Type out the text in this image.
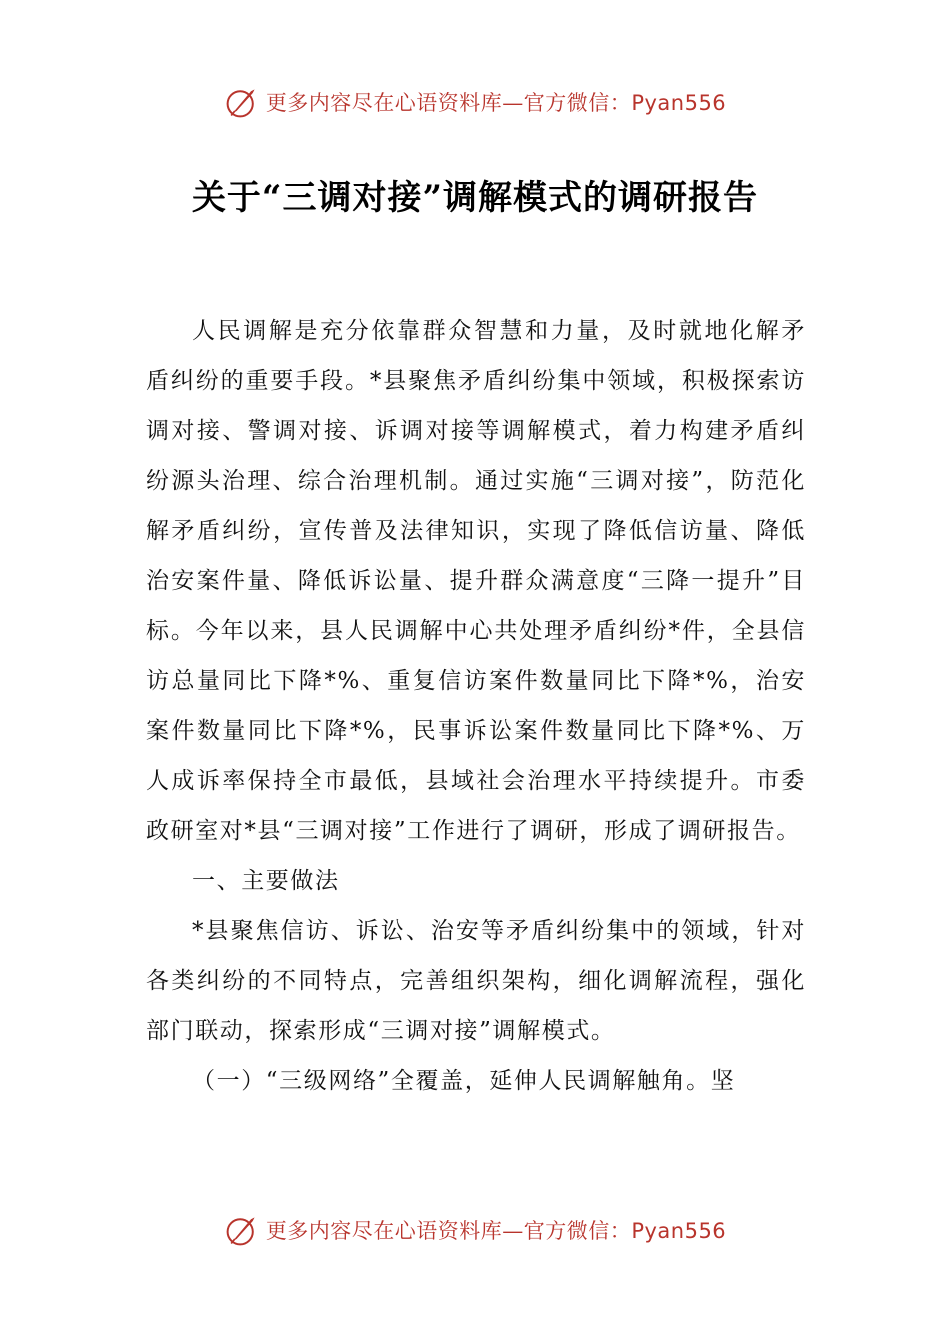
更多内容尽在心语资料库—官方微信：Pyan556
关于“三调对接”调解模式的调研报告

人民调解是充分依靠群众智慧和力量，及时就地化解矛盾纠纷的重要手段。*县聚焦矛盾纠纷集中领域，积极探索访调对接、警调对接、诉调对接等调解模式，着力构建矛盾纠纷源头治理、综合治理机制。通过实施“三调对接”，防范化解矛盾纠纷，宣传普及法律知识，实现了降低信访量、降低治安案件量、降低诉讼量、提升群众满意度“三降一提升”目标。今年以来，县人民调解中心共处理矛盾纠纷*件，全县信访总量同比下降*%、重复信访案件数量同比下降*%，治安案件数量同比下降*%，民事诉讼案件数量同比下降*%、万人成诉率保持全市最低，县域社会治理水平持续提升。市委政研室对*县“三调对接”工作进行了调研，形成了调研报告。

一、主要做法

*县聚焦信访、诉讼、治安等矛盾纠纷集中的领域，针对各类纠纷的不同特点，完善组织架构，细化调解流程，强化部门联动，探索形成“三调对接”调解模式。

（一）“三级网络”全覆盖，延伸人民调解触角。坚

更多内容尽在心语资料库—官方微信：Pyan556
